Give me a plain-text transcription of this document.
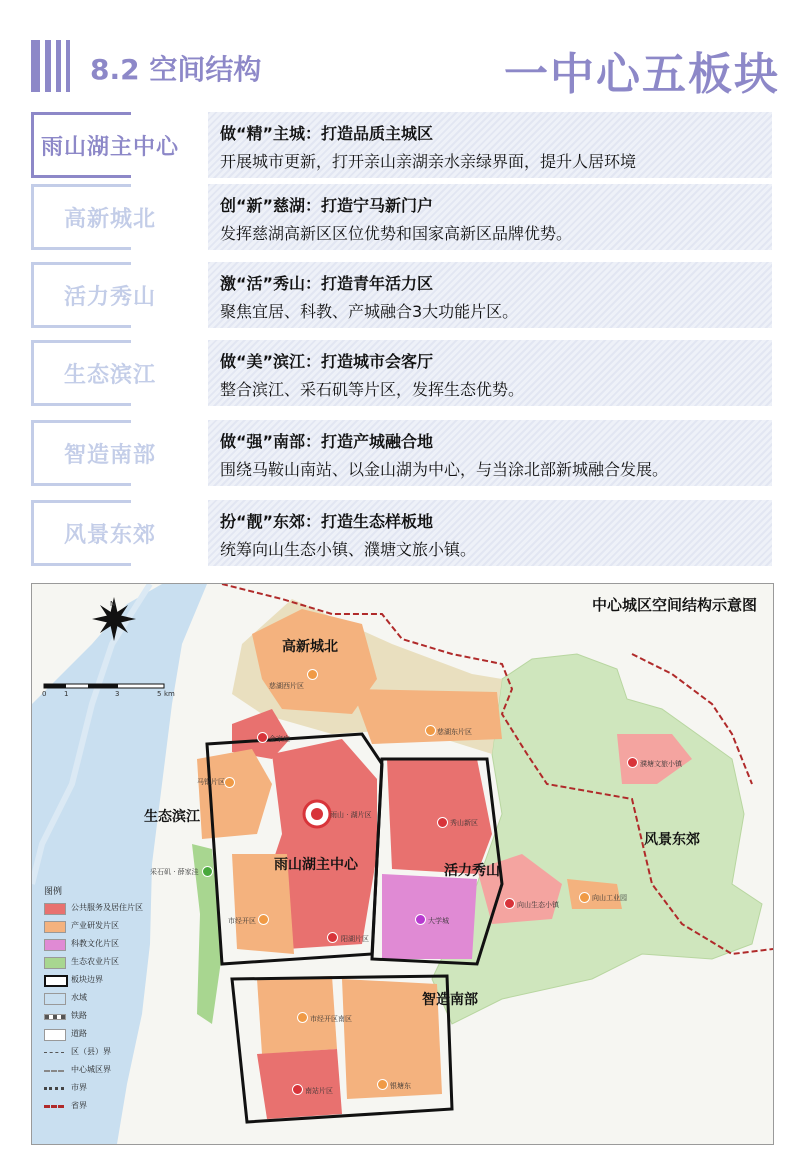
8.2 空间结构	一中心五板块
雨山湖主中心
做“精”主城：打造品质主城区
开展城市更新，打开亲山亲湖亲水亲绿界面，提升人居环境
高新城北
创“新”慈湖：打造宁马新门户
发挥慈湖高新区区位优势和国家高新区品牌优势。
活力秀山
激“活”秀山：打造青年活力区
聚焦宜居、科教、产城融合3大功能片区。
生态滨江
做“美”滨江：打造城市会客厅
整合滨江、采石矶等片区，发挥生态优势。
智造南部
做“强”南部：打造产城融合地
围绕马鞍山南站、以金山湖为中心，与当涂北部新城融合发展。
风景东郊
扮“靓”东郊：打造生态样板地
统筹向山生态小镇、濮塘文旅小镇。
中心城区空间结构示意图
N
0	1	3	5 km
高新城北
生态滨江
雨山湖主中心	活力秀山
风景东郊
智造南部
慈湖西片区
慈湖东片区
金家庄
马钢片区
雨山 · 湖片区
秀山新区
采石矶 · 薛家洼
市经开区
阳湖片区
大学城
向山生态小镇
向山工业园
濮塘文旅小镇
市经开区南区
南站片区
银塘东
图例
公共服务及居住片区
产业研发片区
科教文化片区
生态农业片区
板块边界
水域
铁路
道路
区（县）界
中心城区界
市界
省界
